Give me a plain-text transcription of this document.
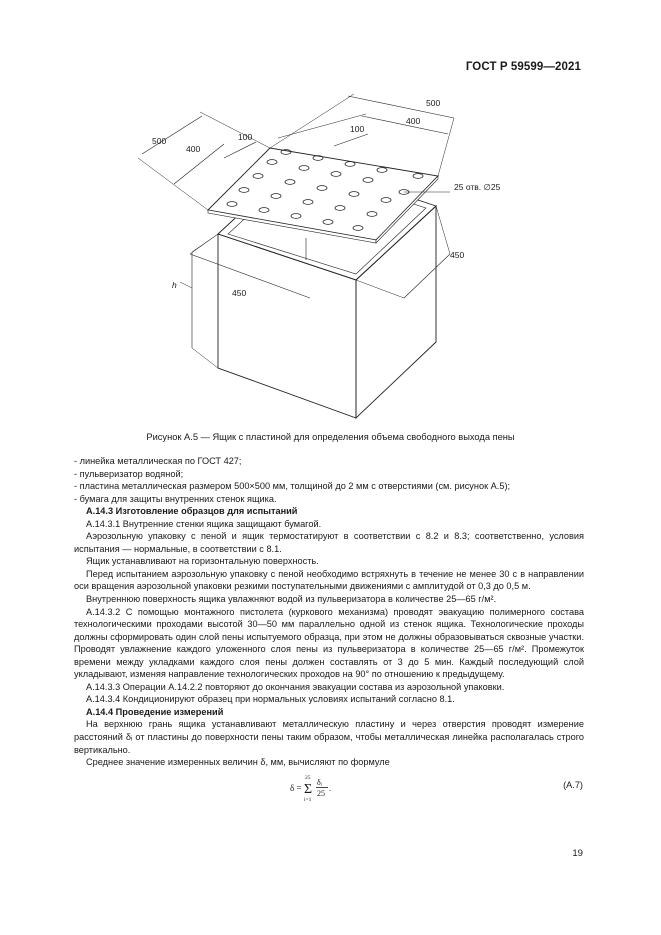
ГОСТ Р 59599—2021
500
400
100
500
400
100
25 отв. ∅25
450
450
h
Рисунок А.5 — Ящик с пластиной для определения объема свободного выхода пены

- линейка металлическая по ГОСТ 427;

- пульверизатор водяной;

- пластина металлическая размером 500×500 мм, толщиной до 2 мм с отверстиями (см. рисунок А.5);

- бумага для защиты внутренних стенок ящика.

А.14.3 Изготовление образцов для испытаний

А.14.3.1 Внутренние стенки ящика защищают бумагой.

Аэрозольную упаковку с пеной и ящик термостатируют в соответствии с 8.2 и 8.3; соответственно, условия испытания — нормальные, в соответствии с 8.1.

Ящик устанавливают на горизонтальную поверхность.

Перед испытанием аэрозольную упаковку с пеной необходимо встряхнуть в течение не менее 30 с в направлении оси вращения аэрозольной упаковки резкими поступательными движениями с амплитудой от 0,3 до 0,5 м.

Внутреннюю поверхность ящика увлажняют водой из пульверизатора в количестве 25—65 г/м².

А.14.3.2 С помощью монтажного пистолета (куркового механизма) проводят эвакуацию полимерного состава технологическими проходами высотой 30—50 мм параллельно одной из стенок ящика. Технологические проходы должны сформировать один слой пены испытуемого образца, при этом не должны образовываться сквозные участки. Проводят увлажнение каждого уложенного слоя пены из пульверизатора в количестве 25—65 г/м². Промежуток времени между укладками каждого слоя пены должен составлять от 3 до 5 мин. Каждый последующий слой укладывают, изменяя направление технологических проходов на 90° по отношению к предыдущему.

А.14.3.3 Операции А.14.2.2 повторяют до окончания эвакуации состава из аэрозольной упаковки.

А.14.3.4 Кондиционируют образец при нормальных условиях испытаний согласно 8.1.

А.14.4 Проведение измерений

На верхнюю грань ящика устанавливают металлическую пластину и через отверстия проводят измерение расстояний δᵢ от пластины до поверхности пены таким образом, чтобы металлическая линейка располагалась строго вертикально.

Среднее значение измеренных величин δ, мм, вычисляют по формуле

δ =
25
Σ
i=1
δᵢ
25
.	(А.7)
19
